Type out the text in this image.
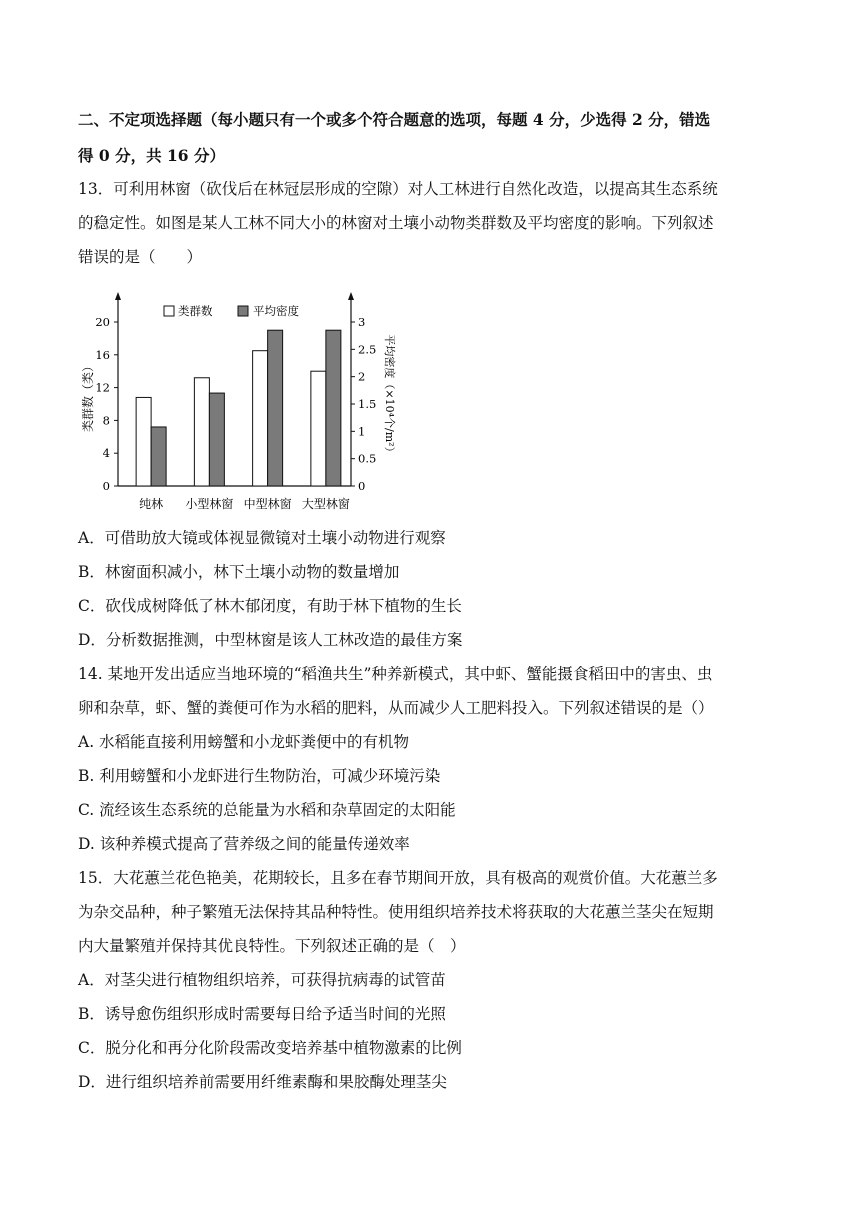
二、不定项选择题（每小题只有一个或多个符合题意的选项，每题 4 分，少选得 2 分，错选
得 0 分，共 16 分）
13．可利用林窗（砍伐后在林冠层形成的空隙）对人工林进行自然化改造，以提高其生态系统
的稳定性。如图是某人工林不同大小的林窗对土壤小动物类群数及平均密度的影响。下列叙述
错误的是（　　）
类群数（类）	平均密度（×10⁴个/m²）
类群数	平均密度
0
4
8
12
16
20
0
0.5
1
1.5
2
2.5
3
纯林 小型林窗 中型林窗 大型林窗
A．可借助放大镜或体视显微镜对土壤小动物进行观察
B．林窗面积减小，林下土壤小动物的数量增加
C．砍伐成树降低了林木郁闭度，有助于林下植物的生长
D．分析数据推测，中型林窗是该人工林改造的最佳方案
14. 某地开发出适应当地环境的“稻渔共生”种养新模式，其中虾、蟹能摄食稻田中的害虫、虫
卵和杂草，虾、蟹的粪便可作为水稻的肥料，从而减少人工肥料投入。下列叙述错误的是（）
A. 水稻能直接利用螃蟹和小龙虾粪便中的有机物
B. 利用螃蟹和小龙虾进行生物防治，可减少环境污染
C. 流经该生态系统的总能量为水稻和杂草固定的太阳能
D. 该种养模式提高了营养级之间的能量传递效率
15．大花蕙兰花色艳美，花期较长，且多在春节期间开放，具有极高的观赏价值。大花蕙兰多
为杂交品种，种子繁殖无法保持其品种特性。使用组织培养技术将获取的大花蕙兰茎尖在短期
内大量繁殖并保持其优良特性。下列叙述正确的是（　）
A．对茎尖进行植物组织培养，可获得抗病毒的试管苗
B．诱导愈伤组织形成时需要每日给予适当时间的光照
C．脱分化和再分化阶段需改变培养基中植物激素的比例
D．进行组织培养前需要用纤维素酶和果胶酶处理茎尖
